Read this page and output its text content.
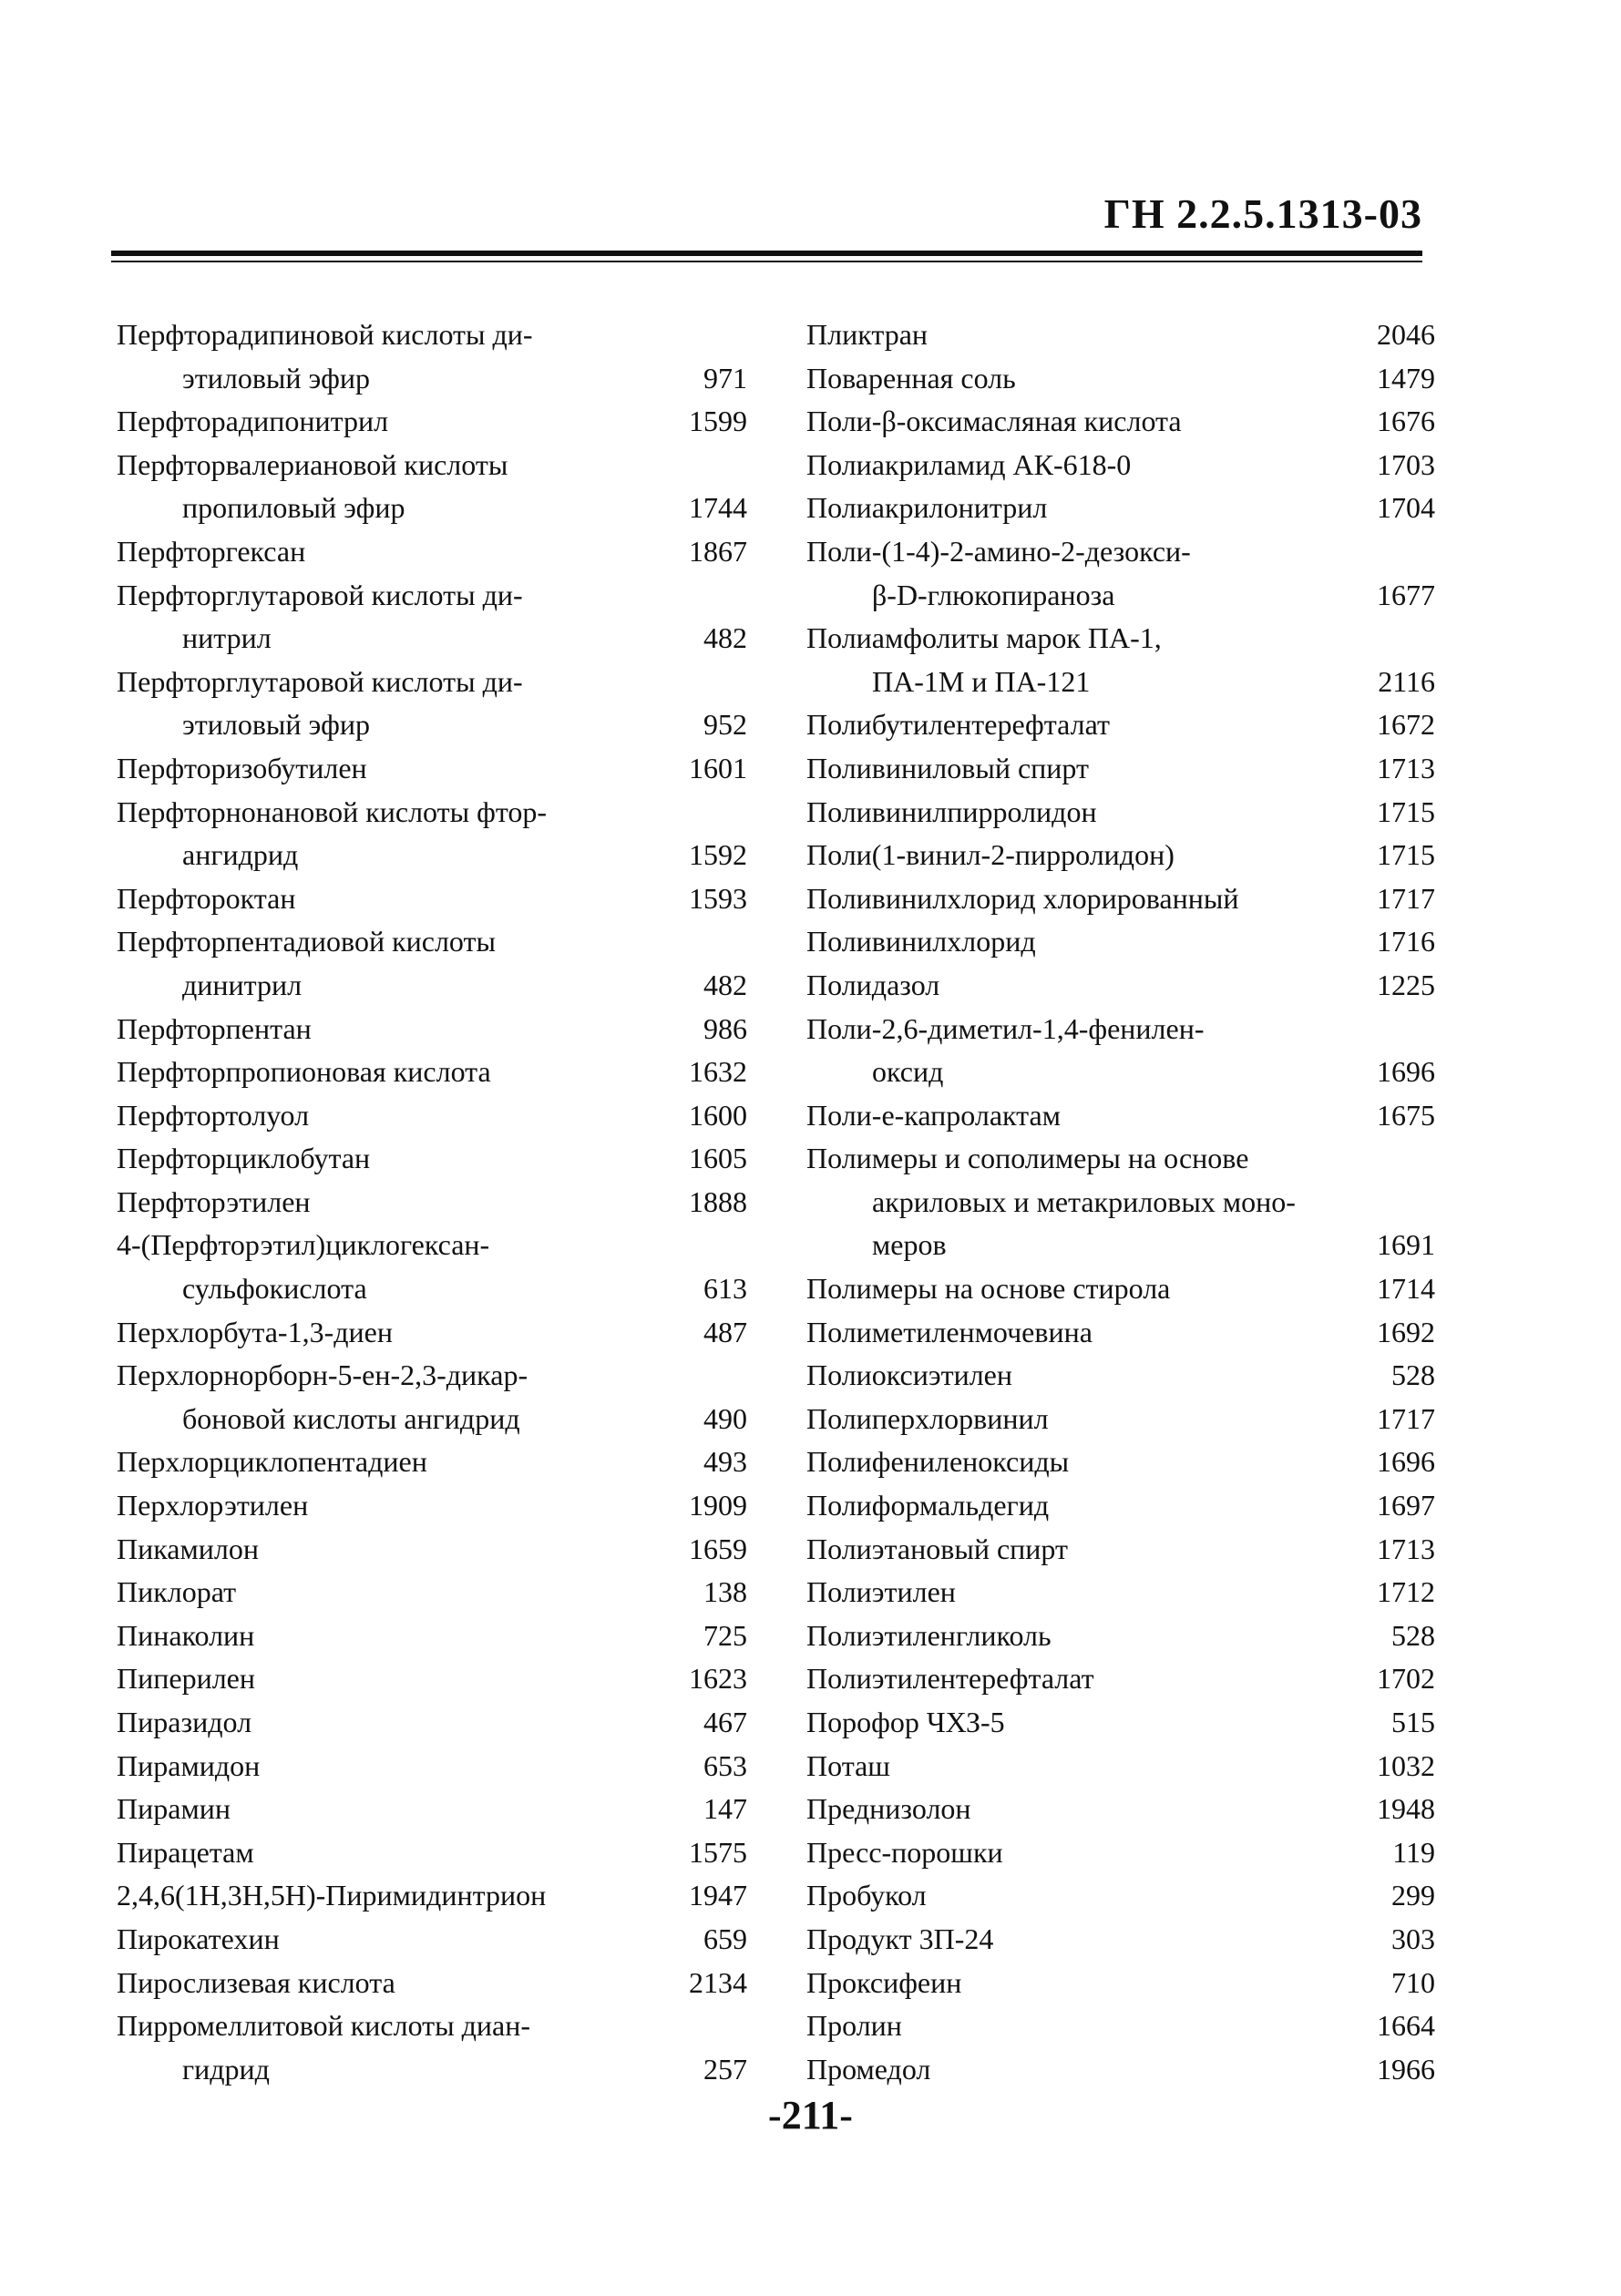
ГН 2.2.5.1313-03
Перфторадипиновой кислоты ди-
этиловый эфир	971
Перфторадипонитрил	1599
Перфторвалериановой кислоты
пропиловый эфир	1744
Перфторгексан	1867
Перфторглутаровой кислоты ди-
нитрил	482
Перфторглутаровой кислоты ди-
этиловый эфир	952
Перфторизобутилен	1601
Перфторнонановой кислоты фтор-
ангидрид	1592
Перфтороктан	1593
Перфторпентадиовой кислоты
динитрил	482
Перфторпентан	986
Перфторпропионовая кислота	1632
Перфтортолуол	1600
Перфторциклобутан	1605
Перфторэтилен	1888
4-(Перфторэтил)циклогексан-
сульфокислота	613
Перхлорбута-1,3-диен	487
Перхлорнорборн-5-ен-2,3-дикар-
боновой кислоты ангидрид	490
Перхлорциклопентадиен	493
Перхлорэтилен	1909
Пикамилон	1659
Пиклорат	138
Пинаколин	725
Пиперилен	1623
Пиразидол	467
Пирамидон	653
Пирамин	147
Пирацетам	1575
2,4,6(1Н,3Н,5Н)-Пиримидинтрион	1947
Пирокатехин	659
Пирослизевая кислота	2134
Пирромеллитовой кислоты диан-
гидрид	257
Пликтран	2046
Поваренная соль	1479
Поли-β-оксимасляная кислота	1676
Полиакриламид АК-618-0	1703
Полиакрилонитрил	1704
Поли-(1-4)-2-амино-2-дезокси-
β-D-глюкопираноза	1677
Полиамфолиты марок ПА-1,
ПА-1М и ПА-121	2116
Полибутилентерефталат	1672
Поливиниловый спирт	1713
Поливинилпирролидон	1715
Поли(1-винил-2-пирролидон)	1715
Поливинилхлорид хлорированный	1717
Поливинилхлорид	1716
Полидазол	1225
Поли-2,6-диметил-1,4-фенилен-
оксид	1696
Поли-е-капролактам	1675
Полимеры и сополимеры на основе
акриловых и метакриловых моно-
меров	1691
Полимеры на основе стирола	1714
Полиметиленмочевина	1692
Полиоксиэтилен	528
Полиперхлорвинил	1717
Полифениленоксиды	1696
Полиформальдегид	1697
Полиэтановый спирт	1713
Полиэтилен	1712
Полиэтиленгликоль	528
Полиэтилентерефталат	1702
Порофор ЧХЗ-5	515
Поташ	1032
Преднизолон	1948
Пресс-порошки	119
Пробукол	299
Продукт 3П-24	303
Проксифеин	710
Пролин	1664
Промедол	1966
-211-
